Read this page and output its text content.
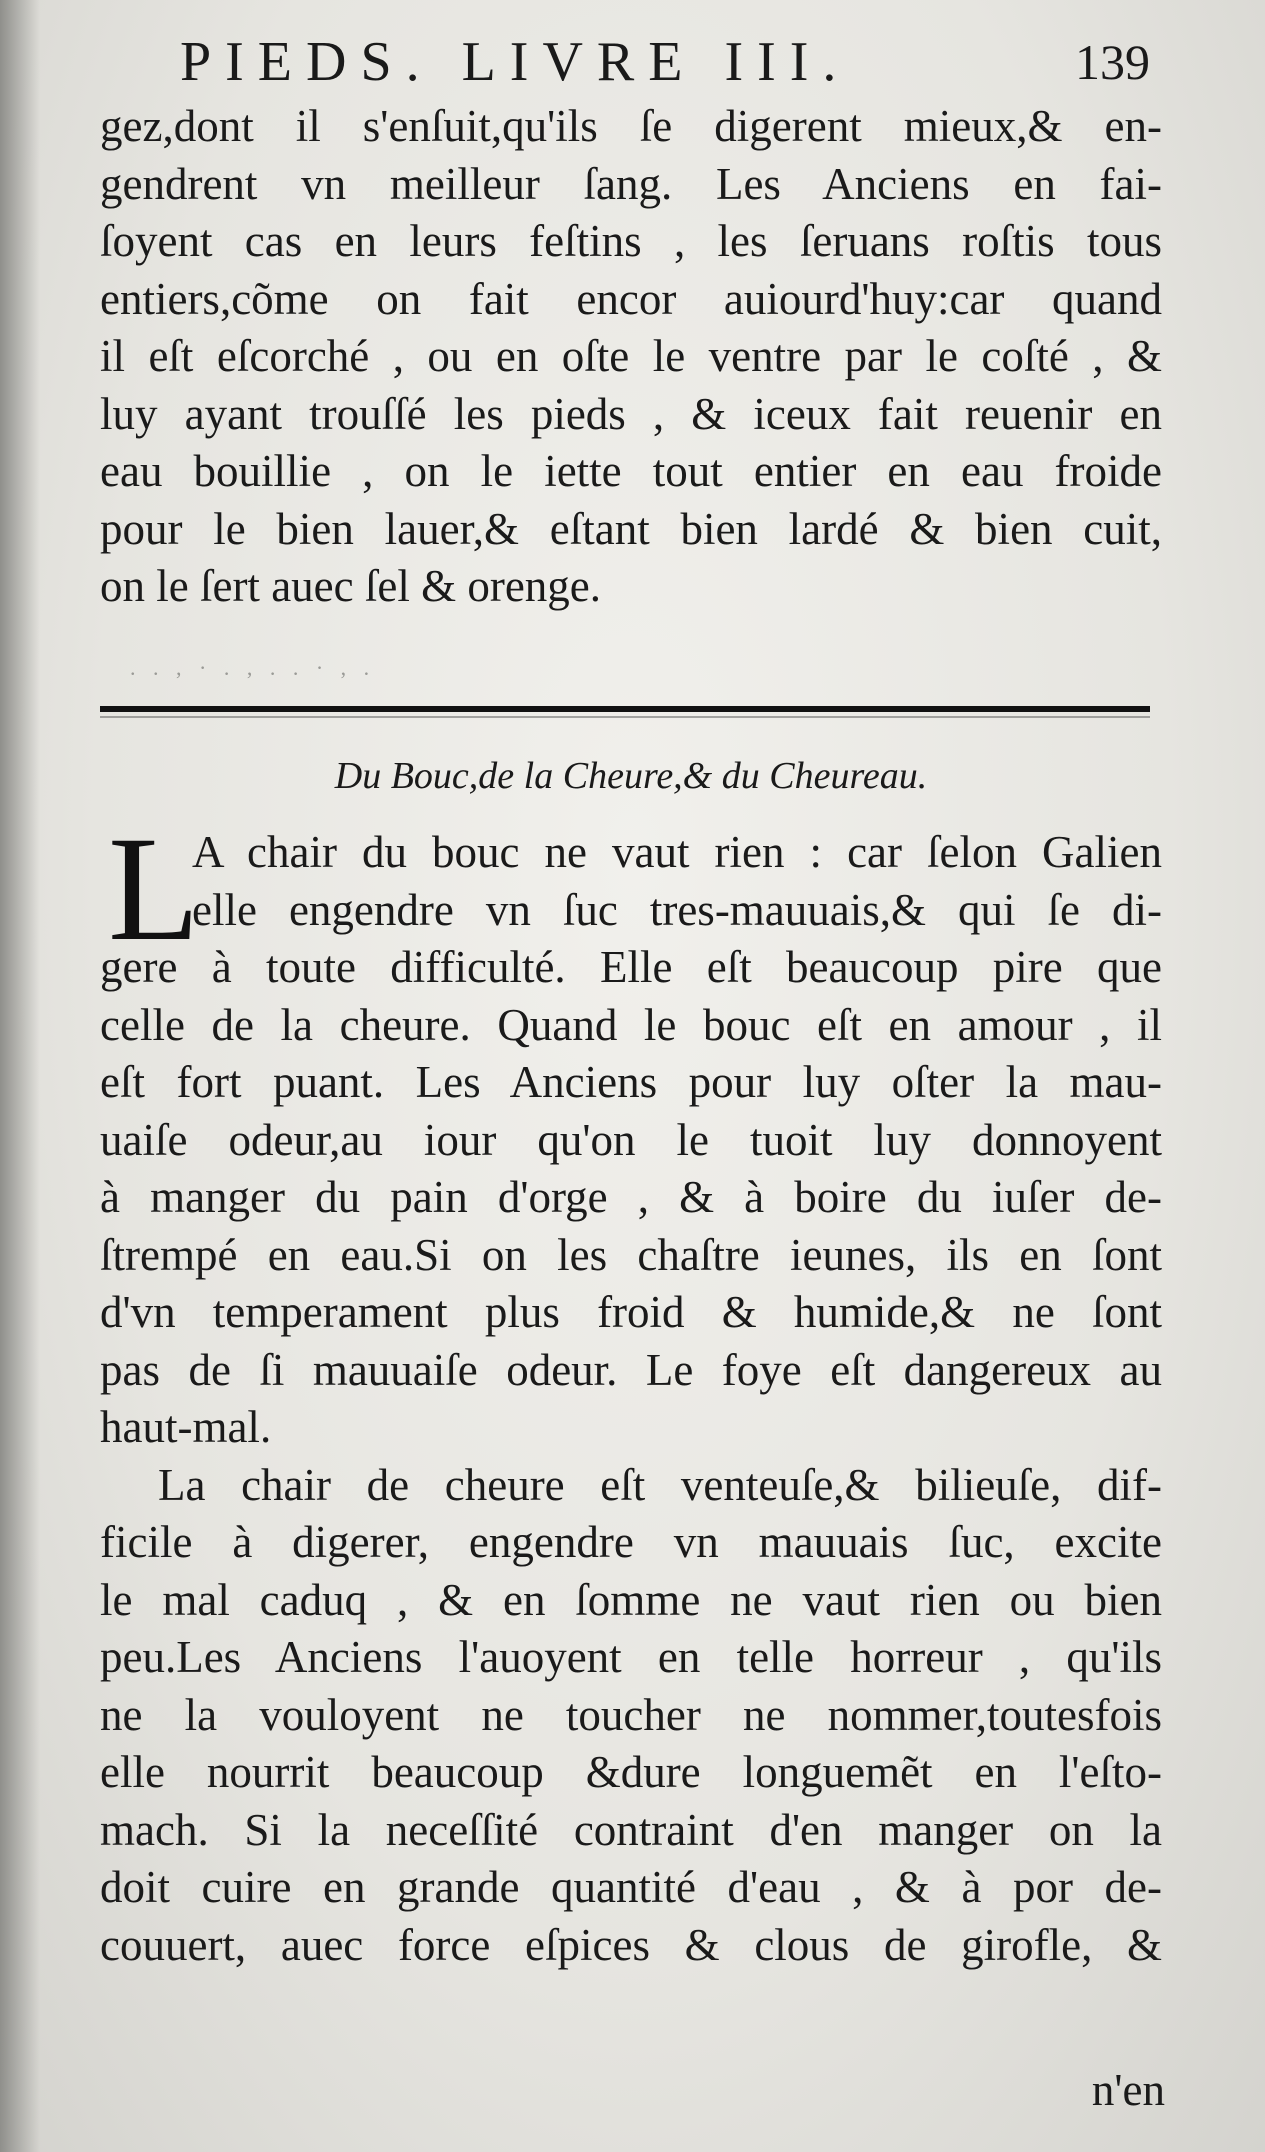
PIEDS. LIVRE III.	139
gez,dont il s'enſuit,qu'ils ſe digerent mieux,& en-
gendrent vn meilleur ſang. Les Anciens en fai-
ſoyent cas en leurs feſtins , les ſeruans roſtis tous
entiers,cõme on fait encor auiourd'huy:car quand
il eſt eſcorché , ou en oſte le ventre par le coſté , &
luy ayant trouſſé les pieds , & iceux fait reuenir en
eau bouillie , on le iette tout entier en eau froide
pour le bien lauer,& eſtant bien lardé & bien cuit,
on le ſert auec ſel & orenge.
. . , · . , . . · , .
Du Bouc,de la Cheure,& du Cheureau.
L
A chair du bouc ne vaut rien : car ſelon Galien
elle engendre vn ſuc tres-mauuais,& qui ſe di-
gere à toute difficulté. Elle eſt beaucoup pire que
celle de la cheure. Quand le bouc eſt en amour , il
eſt fort puant. Les Anciens pour luy oſter la mau-
uaiſe odeur,au iour qu'on le tuoit luy donnoyent
à manger du pain d'orge , & à boire du iuſer de-
ſtrempé en eau.Si on les chaſtre ieunes, ils en ſont
d'vn temperament plus froid & humide,& ne ſont
pas de ſi mauuaiſe odeur. Le foye eſt dangereux au
haut-mal.
La chair de cheure eſt venteuſe,& bilieuſe, dif-
ficile à digerer, engendre vn mauuais ſuc, excite
le mal caduq , & en ſomme ne vaut rien ou bien
peu.Les Anciens l'auoyent en telle horreur , qu'ils
ne la vouloyent ne toucher ne nommer,toutesfois
elle nourrit beaucoup &dure longuemẽt en l'eſto-
mach. Si la neceſſité contraint d'en manger on la
doit cuire en grande quantité d'eau , & à por de-
couuert, auec force eſpices & clous de girofle, &
n'en
